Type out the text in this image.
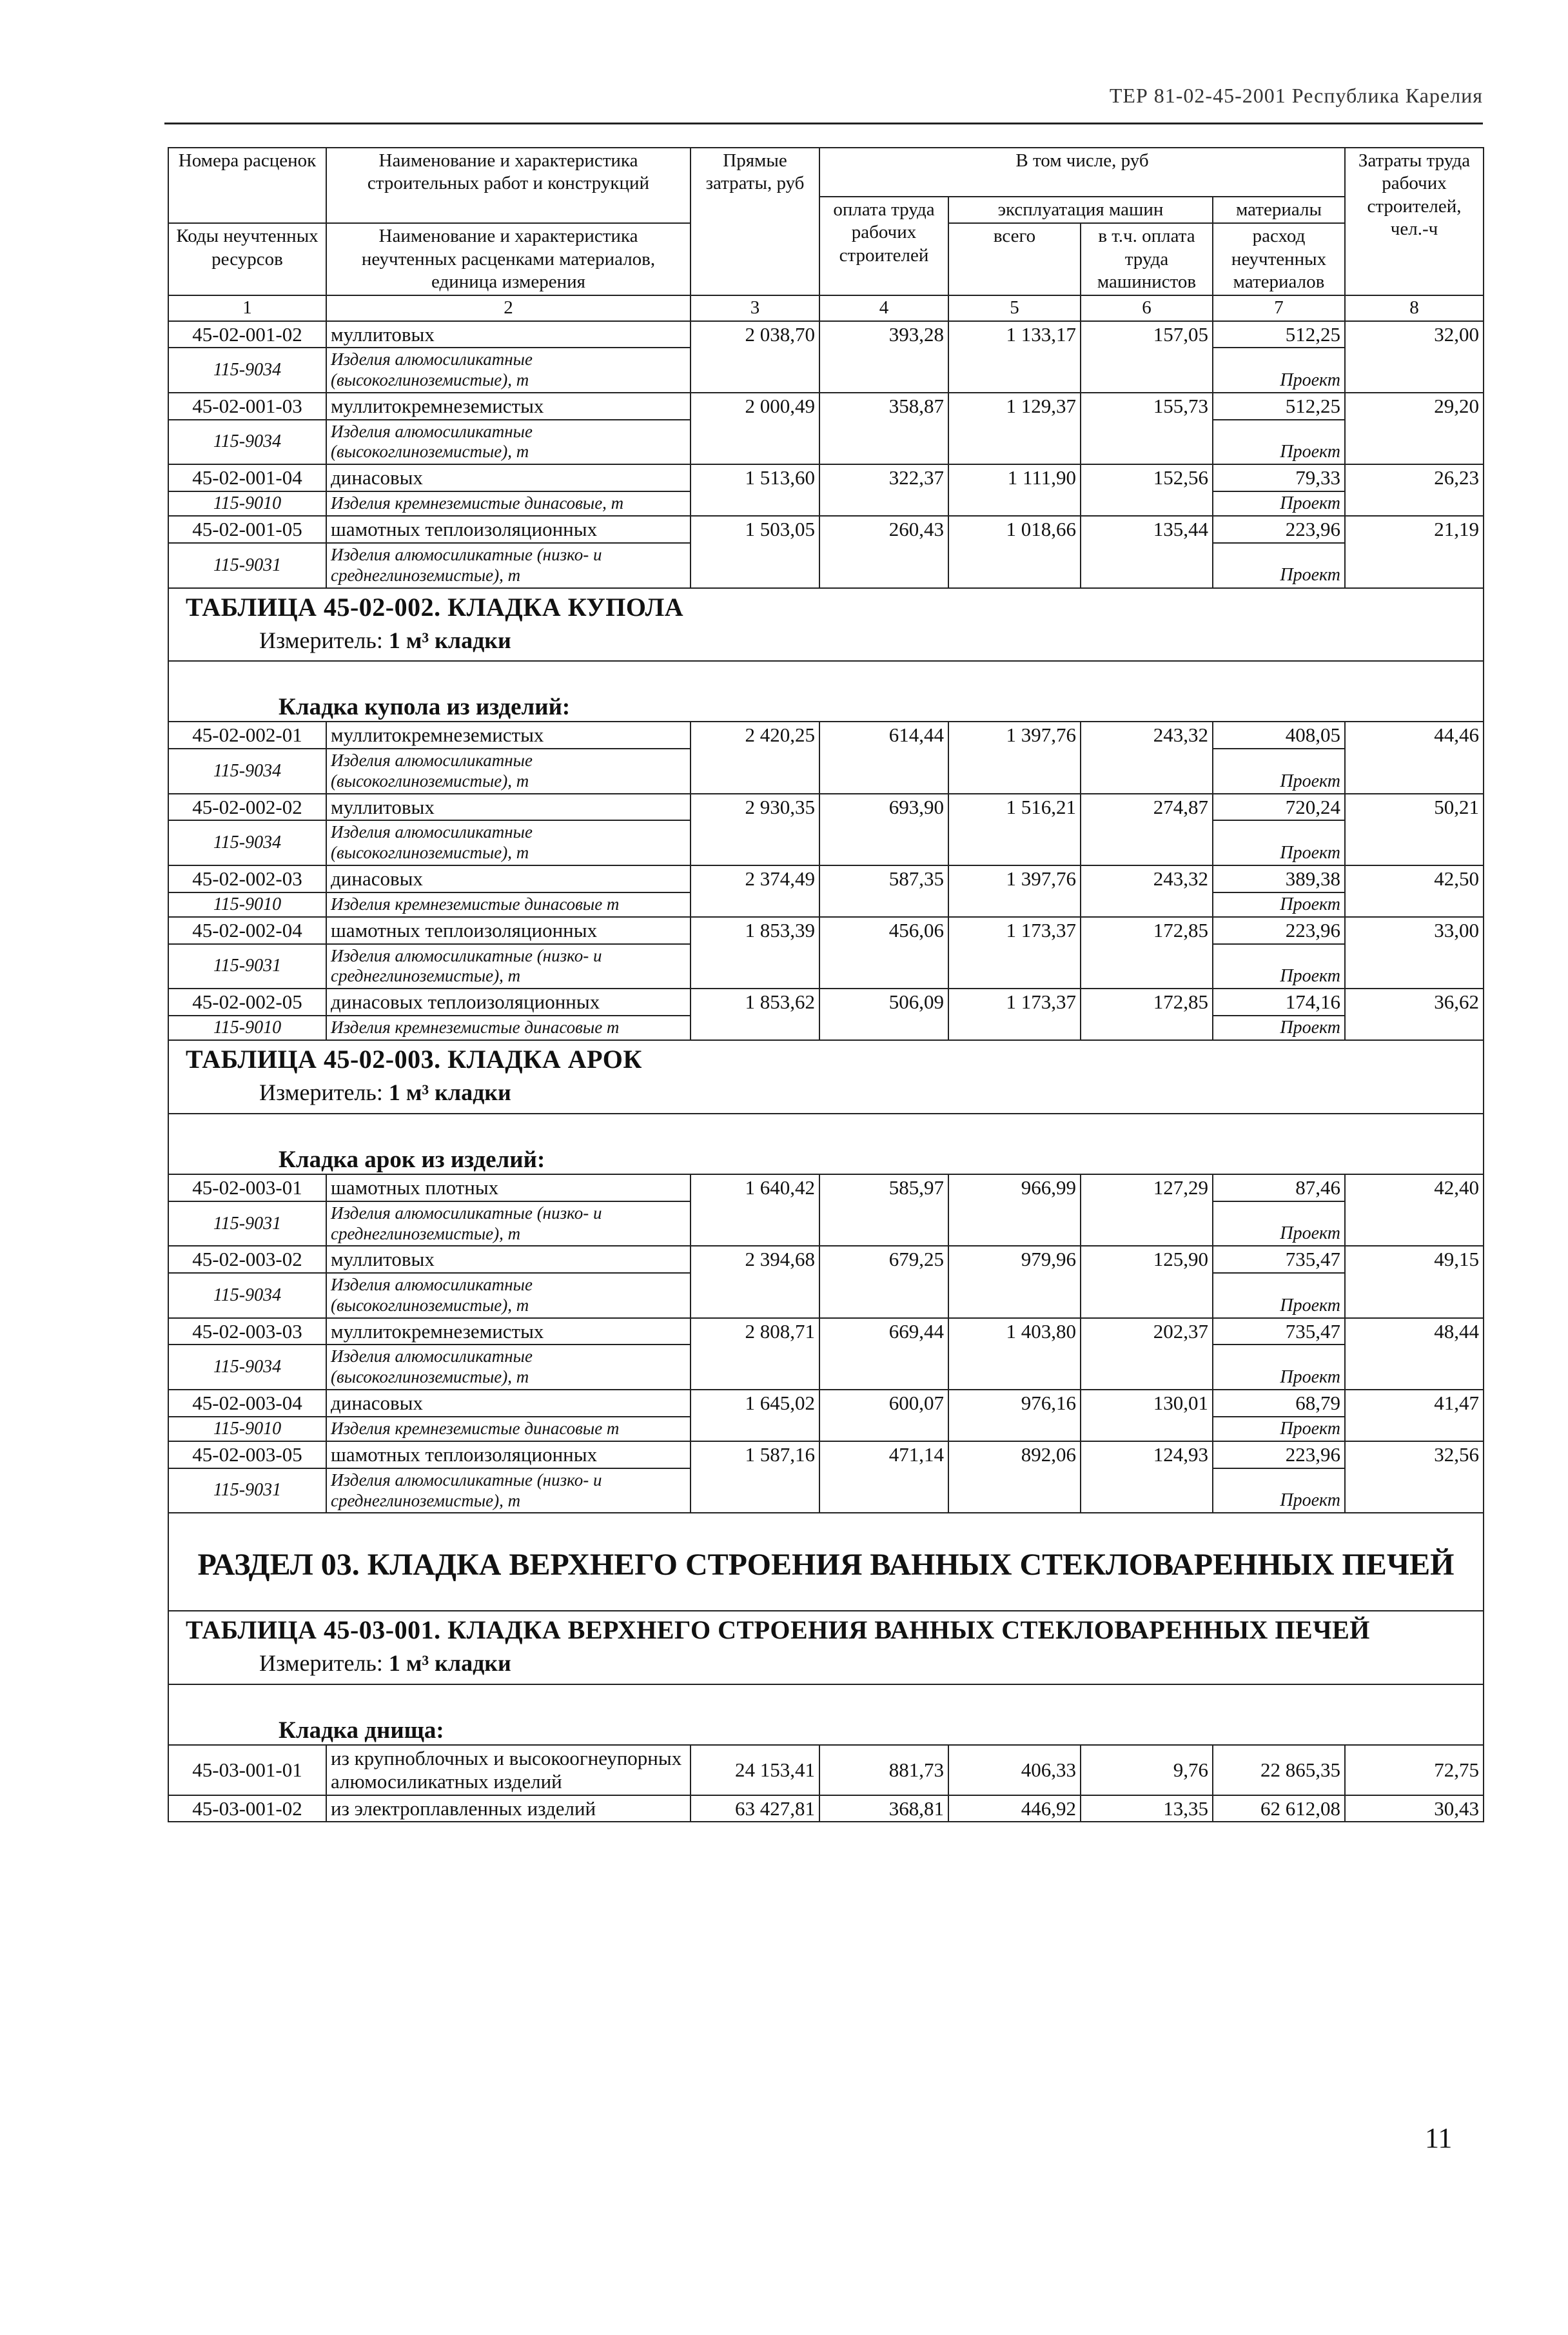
ТЕР 81-02-45-2001 Республика Карелия
Номера расценок	Наименование и характеристика строительных работ и конструкций	Прямые затраты, руб	В том числе, руб				Затраты труда рабочих строителей, чел.-ч
			оплата труда рабочих строителей	эксплуатация машин		материалы	
Коды неучтенных ресурсов	Наименование и характеристика неучтенных расценками материалов, единица измерения			всего	в т.ч. оплата труда машинистов	расход неучтенных материалов	

1	2	3	4	5	6	7	8
45-02-001-02	муллитовых	2 038,70	393,28	1 133,17	157,05	512,25	32,00
115-9034	Изделия алюмосиликатные (высокоглиноземистые), т					Проект	
45-02-001-03	муллитокремнеземистых	2 000,49	358,87	1 129,37	155,73	512,25	29,20
115-9034	Изделия алюмосиликатные (высокоглиноземистые), т					Проект	
45-02-001-04	динасовых	1 513,60	322,37	1 111,90	152,56	79,33	26,23
115-9010	Изделия кремнеземистые динасовые, т					Проект	
45-02-001-05	шамотных теплоизоляционных	1 503,05	260,43	1 018,66	135,44	223,96	21,19
115-9031	Изделия алюмосиликатные (низко- и среднеглиноземистые), т					Проект	
ТАБЛИЦА 45-02-002. КЛАДКА КУПОЛА							
Измеритель: 1 м³ кладки							

Кладка купола из изделий:							
45-02-002-01	муллитокремнеземистых	2 420,25	614,44	1 397,76	243,32	408,05	44,46
115-9034	Изделия алюмосиликатные (высокоглиноземистые), т					Проект	
45-02-002-02	муллитовых	2 930,35	693,90	1 516,21	274,87	720,24	50,21
115-9034	Изделия алюмосиликатные (высокоглиноземистые), т					Проект	
45-02-002-03	динасовых	2 374,49	587,35	1 397,76	243,32	389,38	42,50
115-9010	Изделия кремнеземистые динасовые т					Проект	
45-02-002-04	шамотных теплоизоляционных	1 853,39	456,06	1 173,37	172,85	223,96	33,00
115-9031	Изделия алюмосиликатные (низко- и среднеглиноземистые), т					Проект	
45-02-002-05	динасовых теплоизоляционных	1 853,62	506,09	1 173,37	172,85	174,16	36,62
115-9010	Изделия кремнеземистые динасовые т					Проект	
ТАБЛИЦА 45-02-003. КЛАДКА АРОК							
Измеритель: 1 м³ кладки							

Кладка арок из изделий:							
45-02-003-01	шамотных плотных	1 640,42	585,97	966,99	127,29	87,46	42,40
115-9031	Изделия алюмосиликатные (низко- и среднеглиноземистые), т					Проект	
45-02-003-02	муллитовых	2 394,68	679,25	979,96	125,90	735,47	49,15
115-9034	Изделия алюмосиликатные (высокоглиноземистые), т					Проект	
45-02-003-03	муллитокремнеземистых	2 808,71	669,44	1 403,80	202,37	735,47	48,44
115-9034	Изделия алюмосиликатные (высокоглиноземистые), т					Проект	
45-02-003-04	динасовых	1 645,02	600,07	976,16	130,01	68,79	41,47
115-9010	Изделия кремнеземистые динасовые т					Проект	
45-02-003-05	шамотных теплоизоляционных	1 587,16	471,14	892,06	124,93	223,96	32,56
115-9031	Изделия алюмосиликатные (низко- и среднеглиноземистые), т					Проект	
РАЗДЕЛ 03. КЛАДКА ВЕРХНЕГО СТРОЕНИЯ ВАННЫХ СТЕКЛОВАРЕННЫХ ПЕЧЕЙ							
ТАБЛИЦА 45-03-001. КЛАДКА ВЕРХНЕГО СТРОЕНИЯ ВАННЫХ СТЕКЛОВАРЕННЫХ ПЕЧЕЙ							
Измеритель: 1 м³ кладки							

Кладка днища:							
45-03-001-01	из крупноблочных и высокоогнеупорных алюмосиликатных изделий	24 153,41	881,73	406,33	9,76	22 865,35	72,75
45-03-001-02	из электроплавленных изделий	63 427,81	368,81	446,92	13,35	62 612,08	30,43
11
